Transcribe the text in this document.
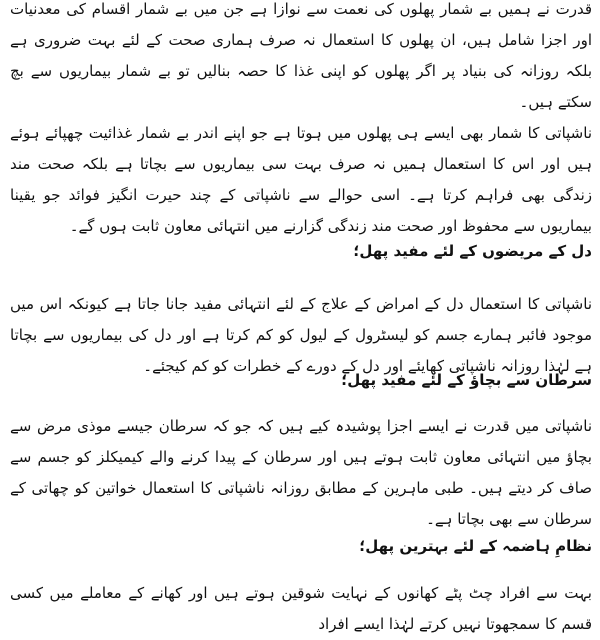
قدرت نے ہمیں بے شمار پھلوں کی نعمت سے نوازا ہے جن میں بے شمار اقسام کی معدنیات اور اجزا شامل ہیں، ان پھلوں کا استعمال نہ صرف ہماری صحت کے لئے بہت ضروری ہے بلکہ روزانہ کی بنیاد پر اگر پھلوں کو اپنی غذا کا حصہ بنالیں تو بے شمار بیماریوں سے بچ سکتے ہیں۔

ناشپاتی کا شمار بھی ایسے ہی پھلوں میں ہوتا ہے جو اپنے اندر بے شمار غذائیت چھپائے ہوئے ہیں اور اس کا استعمال ہمیں نہ صرف بہت سی بیماریوں سے بچاتا ہے بلکہ صحت مند زندگی بھی فراہم کرتا ہے۔ اسی حوالے سے ناشپاتی کے چند حیرت انگیز فوائد جو یقینا بیماریوں سے محفوظ اور صحت مند زندگی گزارنے میں انتہائی معاون ثابت ہوں گے۔

دل کے مریضوں کے لئے مفید پھل؛

ناشپاتی کا استعمال دل کے امراض کے علاج کے لئے انتہائی مفید جانا جاتا ہے کیونکہ اس میں موجود فائبر ہمارے جسم کو لیسٹرول کے لیول کو کم کرتا ہے اور دل کی بیماریوں سے بچاتا ہے لہٰذا روزانہ ناشپاتی کھایئے اور دل کے دورے کے خطرات کو کم کیجئے۔

سرطان سے بچاؤ کے لئے مفید پھل؛

ناشپاتی میں قدرت نے ایسے اجزا پوشیدہ کیے ہیں کہ جو کہ سرطان جیسے موذی مرض سے بچاؤ میں انتہائی معاون ثابت ہوتے ہیں اور سرطان کے پیدا کرنے والے کیمیکلز کو جسم سے صاف کر دیتے ہیں۔ طبی ماہرین کے مطابق روزانہ ناشپاتی کا استعمال خواتین کو چھاتی کے سرطان سے بھی بچاتا ہے۔

نظامِ ہاضمہ کے لئے بہترین پھل؛

بہت سے افراد چٹ پٹے کھانوں کے نہایت شوقین ہوتے ہیں اور کھانے کے معاملے میں کسی قسم کا سمجھوتا نہیں کرتے لہٰذا ایسے افراد
